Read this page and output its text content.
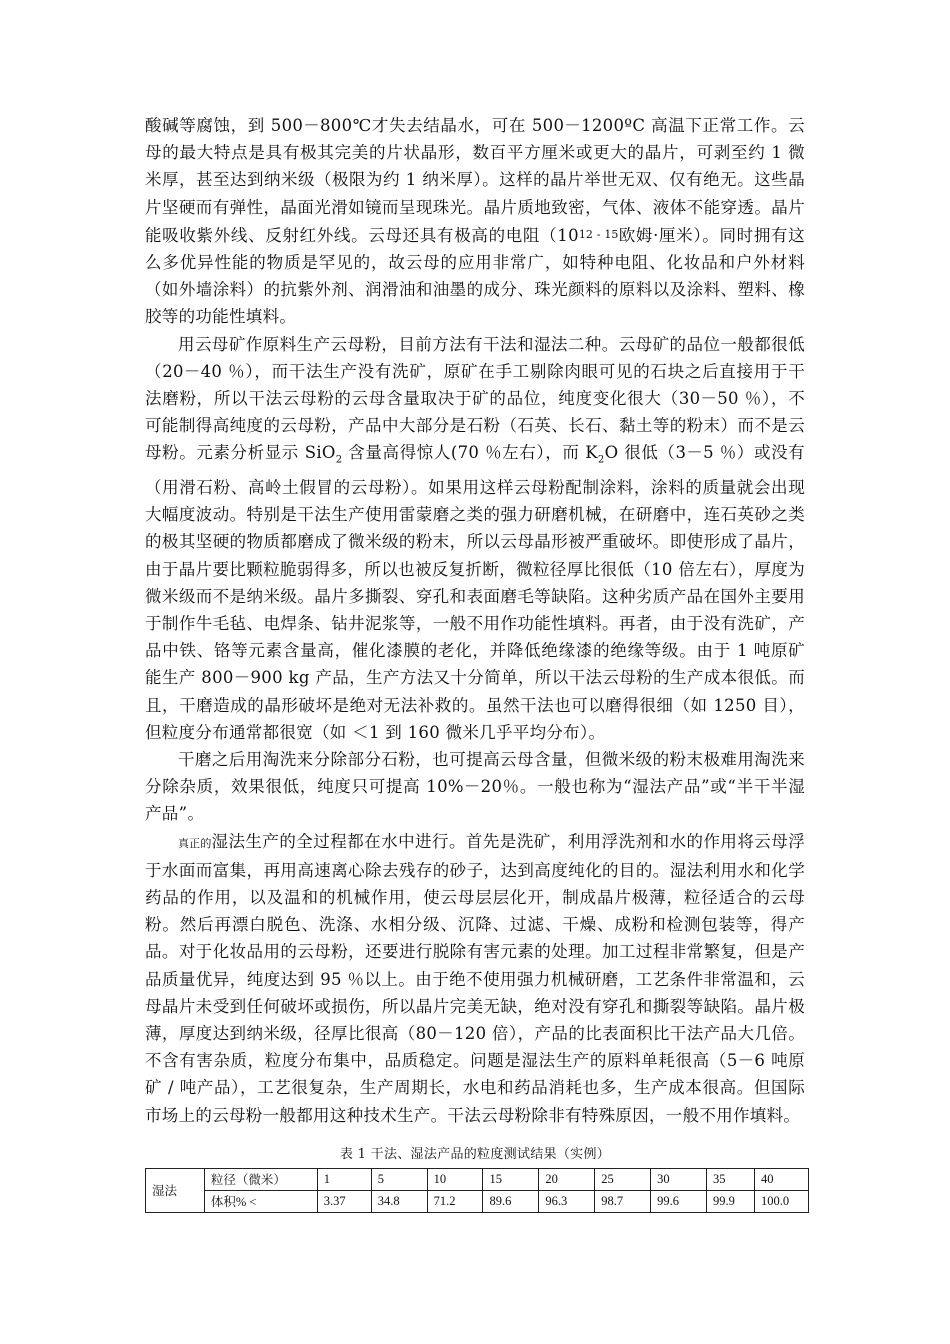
酸碱等腐蚀，到 500－800℃才失去结晶水，可在 500－1200ºC 高温下正常工作。云母的最大特点是具有极其完美的片状晶形，数百平方厘米或更大的晶片，可剥至约 1 微米厚，甚至达到纳米级（极限为约 1 纳米厚）。这样的晶片举世无双、仅有绝无。这些晶片坚硬而有弹性，晶面光滑如镜而呈现珠光。晶片质地致密，气体、液体不能穿透。晶片能吸收紫外线、反射红外线。云母还具有极高的电阻（1012 - 15欧姆·厘米）。同时拥有这么多优异性能的物质是罕见的，故云母的应用非常广，如特种电阻、化妆品和户外材料（如外墙涂料）的抗紫外剂、润滑油和油墨的成分、珠光颜料的原料以及涂料、塑料、橡胶等的功能性填料。

用云母矿作原料生产云母粉，目前方法有干法和湿法二种。云母矿的品位一般都很低（20－40 ％），而干法生产没有洗矿，原矿在手工剔除肉眼可见的石块之后直接用于干法磨粉，所以干法云母粉的云母含量取决于矿的品位，纯度变化很大（30－50 ％），不可能制得高纯度的云母粉，产品中大部分是石粉（石英、长石、黏土等的粉末）而不是云母粉。元素分析显示 SiO$_2$ 含量高得惊人(70 ％左右），而 $K_2O$ 很低（3－5 ％）或没有（用滑石粉、高岭土假冒的云母粉）。如果用这样云母粉配制涂料，涂料的质量就会出现大幅度波动。特别是干法生产使用雷蒙磨之类的强力研磨机械，在研磨中，连石英砂之类的极其坚硬的物质都磨成了微米级的粉末，所以云母晶形被严重破坏。即使形成了晶片，由于晶片要比颗粒脆弱得多，所以也被反复折断，微粒径厚比很低（10 倍左右），厚度为微米级而不是纳米级。晶片多撕裂、穿孔和表面磨毛等缺陷。这种劣质产品在国外主要用于制作牛毛毡、电焊条、钻井泥浆等，一般不用作功能性填料。再者，由于没有洗矿，产品中铁、铬等元素含量高，催化漆膜的老化，并降低绝缘漆的绝缘等级。由于 1 吨原矿能生产 800－900 kg 产品，生产方法又十分简单，所以干法云母粉的生产成本很低。而且，干磨造成的晶形破坏是绝对无法补救的。虽然干法也可以磨得很细（如 1250 目），但粒度分布通常都很宽（如 ＜1 到 160 微米几乎平均分布）。

干磨之后用淘洗来分除部分石粉，也可提高云母含量，但微米级的粉末极难用淘洗来分除杂质，效果很低，纯度只可提高 10%－20％。一般也称为“湿法产品”或“半干半湿产品”。

真正的湿法生产的全过程都在水中进行。首先是洗矿，利用浮洗剂和水的作用将云母浮于水面而富集，再用高速离心除去残存的砂子，达到高度纯化的目的。湿法利用水和化学药品的作用，以及温和的机械作用，使云母层层化开，制成晶片极薄，粒径适合的云母粉。然后再漂白脱色、洗涤、水相分级、沉降、过滤、干燥、成粉和检测包装等，得产品。对于化妆品用的云母粉，还要进行脱除有害元素的处理。加工过程非常繁复，但是产品质量优异，纯度达到 95 ％以上。由于绝不使用强力机械研磨，工艺条件非常温和，云母晶片未受到任何破坏或损伤，所以晶片完美无缺，绝对没有穿孔和撕裂等缺陷。晶片极薄，厚度达到纳米级，径厚比很高（80－120 倍），产品的比表面积比干法产品大几倍。不含有害杂质，粒度分布集中，品质稳定。问题是湿法生产的原料单耗很高（5－6 吨原矿 / 吨产品），工艺很复杂，生产周期长，水电和药品消耗也多，生产成本很高。但国际市场上的云母粉一般都用这种技术生产。干法云母粉除非有特殊原因，一般不用作填料。

表 1 干法、湿法产品的粒度测试结果（实例）
湿法	粒径（微米）	1	5	10	15	20	25	30	35	40
	体积% <	3.37	34.8	71.2	89.6	96.3	98.7	99.6	99.9	100.0
